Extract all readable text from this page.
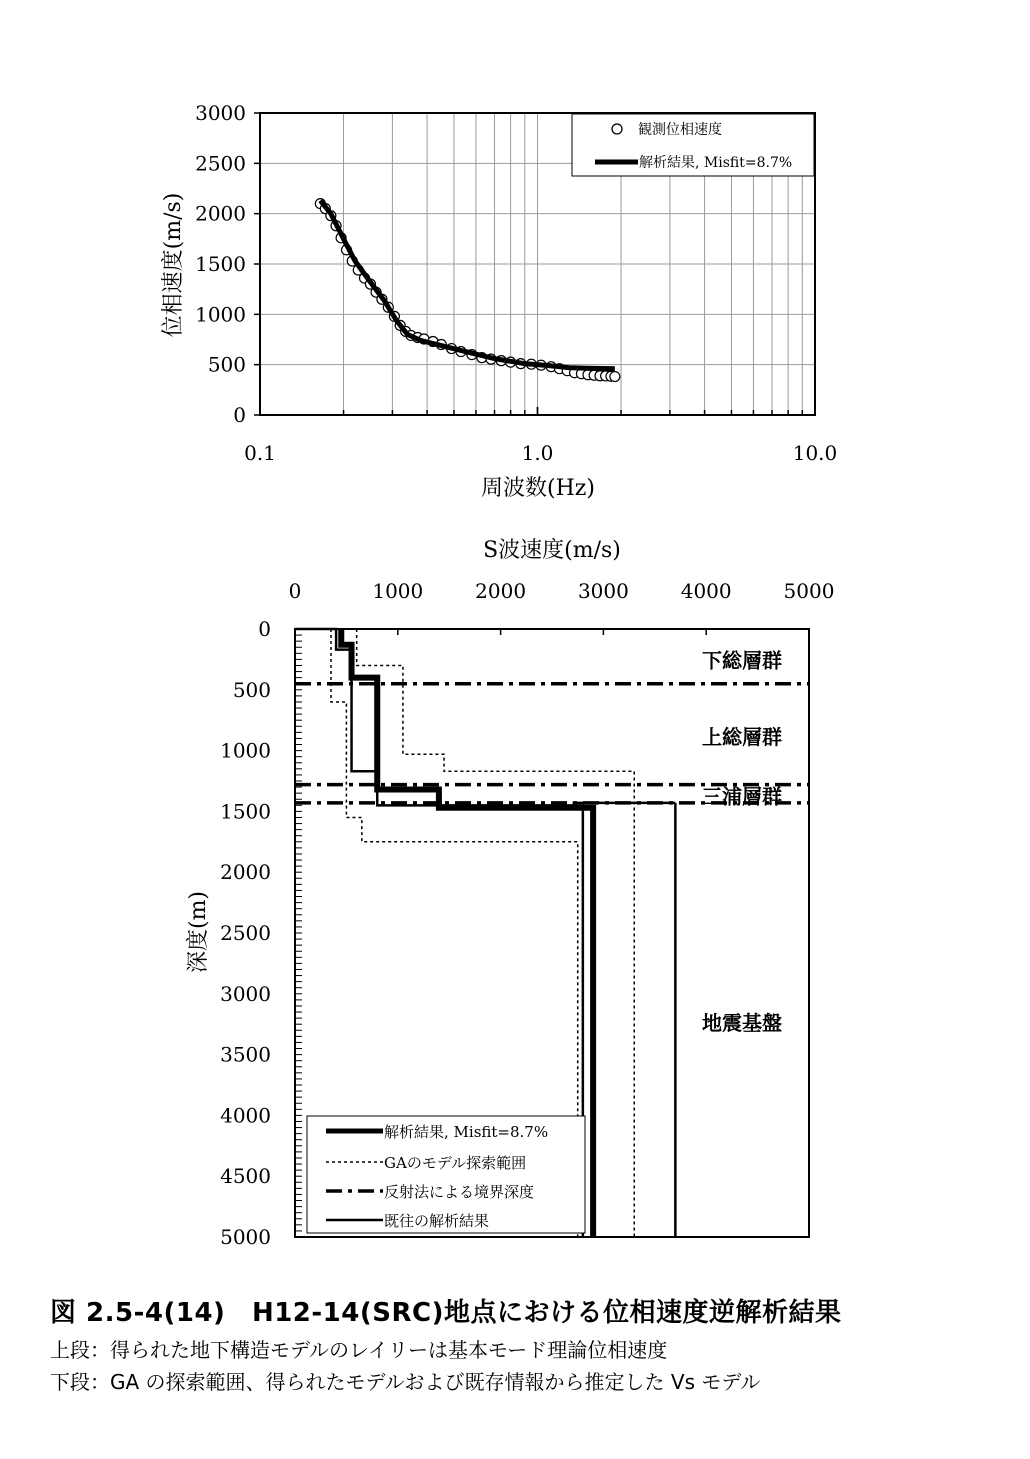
0.1	1.0	10.0
0
500
1000
1500
2000
2500
3000
周波数(Hz)
位相速度(m/s)
観測位相速度
解析結果, Misfit=8.7%
S波速度(m/s)
深度(m)
0	1000	2000	3000	4000	5000
0
500
1000
1500
2000
2500
3000
3500
4000
4500
5000
下総層群
上総層群
三浦層群
地震基盤
解析結果, Misfit=8.7%
GAのモデル探索範囲
反射法による境界深度
既往の解析結果
図 2.5-4(14)　H12-14(SRC)地点における位相速度逆解析結果
上段：得られた地下構造モデルのレイリーは基本モード理論位相速度
下段：GA の探索範囲、得られたモデルおよび既存情報から推定した Vs モデル
